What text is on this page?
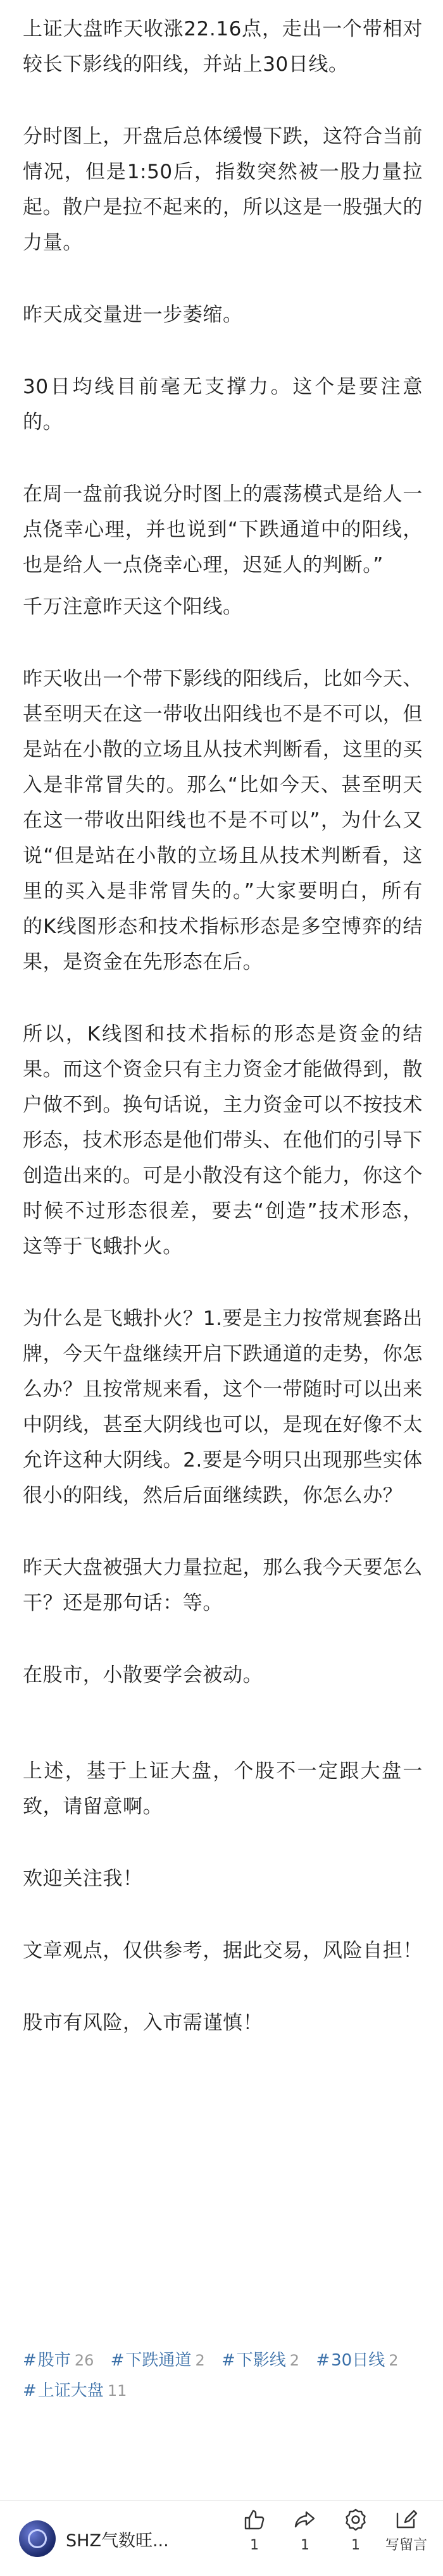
上证大盘昨天收涨22.16点，走出一个带相对较长下影线的阳线，并站上30日线。

分时图上，开盘后总体缓慢下跌，这符合当前情况，但是1:50后，指数突然被一股力量拉起。散户是拉不起来的，所以这是一股强大的力量。

昨天成交量进一步萎缩。

30日均线目前毫无支撑力。这个是要注意的。

在周一盘前我说分时图上的震荡模式是给人一点侥幸心理，并也说到“下跌通道中的阳线，也是给人一点侥幸心理，迟延人的判断。”

千万注意昨天这个阳线。

昨天收出一个带下影线的阳线后，比如今天、甚至明天在这一带收出阳线也不是不可以，但是站在小散的立场且从技术判断看，这里的买入是非常冒失的。那么“比如今天、甚至明天在这一带收出阳线也不是不可以”，为什么又说“但是站在小散的立场且从技术判断看，这里的买入是非常冒失的。”大家要明白，所有的K线图形态和技术指标形态是多空博弈的结果，是资金在先形态在后。

所以，K线图和技术指标的形态是资金的结果。而这个资金只有主力资金才能做得到，散户做不到。换句话说，主力资金可以不按技术形态，技术形态是他们带头、在他们的引导下创造出来的。可是小散没有这个能力，你这个时候不过形态很差，要去“创造”技术形态，这等于飞蛾扑火。

为什么是飞蛾扑火？1.要是主力按常规套路出牌，今天午盘继续开启下跌通道的走势，你怎么办？且按常规来看，这个一带随时可以出来中阴线，甚至大阴线也可以，是现在好像不太允许这种大阴线。2.要是今明只出现那些实体很小的阳线，然后后面继续跌，你怎么办？

昨天大盘被强大力量拉起，那么我今天要怎么干？还是那句话：等。

在股市，小散要学会被动。

上述，基于上证大盘，个股不一定跟大盘一致，请留意啊。

欢迎关注我！

文章观点，仅供参考，据此交易，风险自担！

股市有风险，入市需谨慎！

#股市 26 #下跌通道 2 #下影线 2 #30日线 2 #上证大盘 11
SHZ气数旺...	1	1	1 写留言
